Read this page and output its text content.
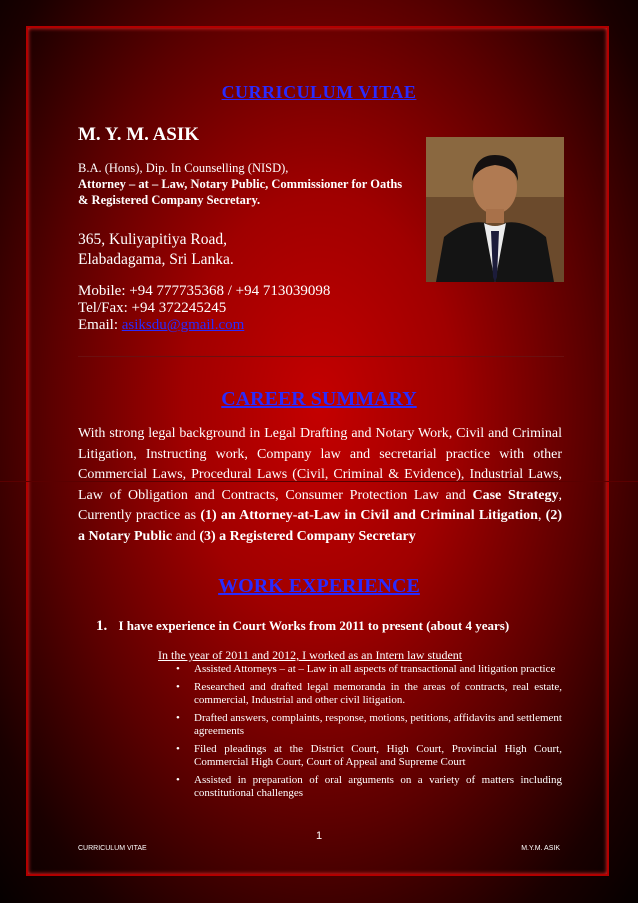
CURRICULUM VITAE
M. Y. M. ASIK
B.A. (Hons), Dip. In Counselling (NISD),
Attorney – at – Law, Notary Public, Commissioner for Oaths
& Registered Company Secretary.
365, Kuliyapitiya Road,
Elabadagama, Sri Lanka.
Mobile: +94 777735368 / +94 713039098
Tel/Fax: +94 372245245
Email: asiksdu@gmail.com
CAREER SUMMARY
With strong legal background in Legal Drafting and Notary Work, Civil and Criminal Litigation, Instructing work, Company law and secretarial practice with other Commercial Laws, Procedural Laws (Civil, Criminal & Evidence), Industrial Laws, Law of Obligation and Contracts, Consumer Protection Law and Case Strategy, Currently practice as (1) an Attorney-at-Law in Civil and Criminal Litigation, (2) a Notary Public and (3) a Registered Company Secretary
WORK EXPERIENCE
1. I have experience in Court Works from 2011 to present (about 4 years)
In the year of 2011 and 2012, I worked as an Intern law student
• Assisted Attorneys – at – Law in all aspects of transactional and litigation practice
• Researched and drafted legal memoranda in the areas of contracts, real estate, commercial, Industrial and other civil litigation.
• Drafted answers, complaints, response, motions, petitions, affidavits and settlement agreements
• Filed pleadings at the District Court, High Court, Provincial High Court, Commercial High Court, Court of Appeal and Supreme Court
• Assisted in preparation of oral arguments on a variety of matters including constitutional challenges
1
CURRICULUM VITAE	M.Y.M. ASIK
